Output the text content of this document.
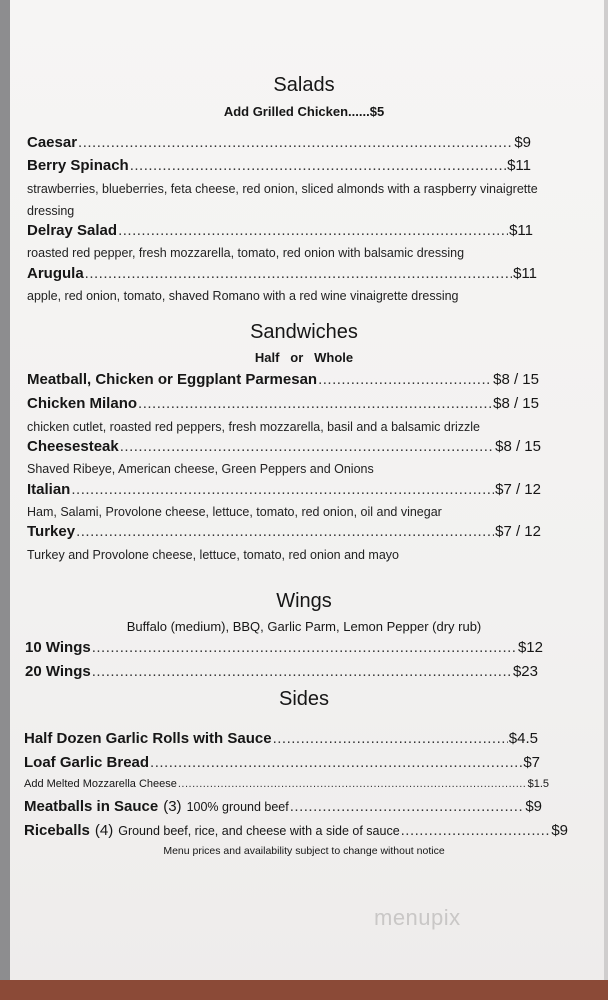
Salads
Add Grilled Chicken......$5
Caesar .....	$9
Berry Spinach .....	$11
strawberries, blueberries, feta cheese, red onion, sliced almonds with a raspberry vinaigrette dressing
Delray Salad .....	$11
roasted red pepper, fresh mozzarella, tomato, red onion with balsamic dressing
Arugula .....	$11
apple, red onion, tomato, shaved Romano with a red wine vinaigrette dressing
Sandwiches
Half   or   Whole
Meatball, Chicken or Eggplant Parmesan .....	$8 / 15
Chicken Milano .....	$8 / 15
chicken cutlet, roasted red peppers, fresh mozzarella, basil and a balsamic drizzle
Cheesesteak .....	$8 / 15
Shaved Ribeye, American cheese, Green Peppers and Onions
Italian .....	$7 / 12
Ham, Salami, Provolone cheese, lettuce, tomato, red onion, oil and vinegar
Turkey .....	$7 / 12
Turkey and Provolone cheese, lettuce, tomato, red onion and mayo
Wings
Buffalo (medium), BBQ, Garlic Parm, Lemon Pepper (dry rub)
10 Wings .....	$12
20 Wings .....	$23
Sides
Half Dozen Garlic Rolls with Sauce .....	$4.5
Loaf Garlic Bread .....	$7
Add Melted Mozzarella Cheese .....	$1.5
Meatballs in Sauce (3) 100% ground beef .....	$9
Riceballs (4) Ground beef, rice, and cheese with a side of sauce .....	$9
Menu prices and availability subject to change without notice
menupix
